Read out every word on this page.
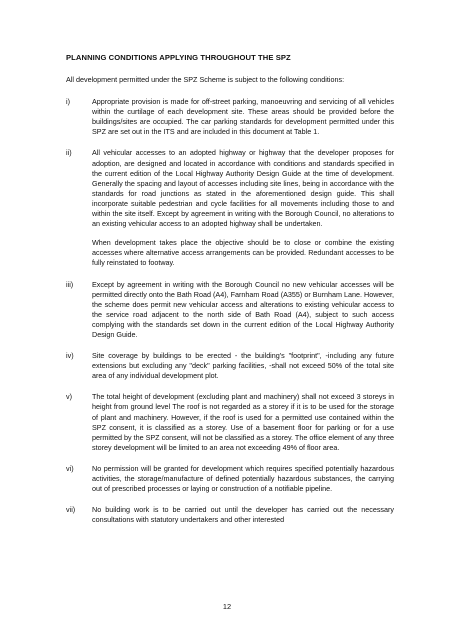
PLANNING CONDITIONS APPLYING THROUGHOUT THE SPZ

All development permitted under the SPZ Scheme is subject to the following conditions:

i)	Appropriate provision is made for off-street parking, manoeuvring and servicing of all vehicles within the curtilage of each development site. These areas should be provided before the buildings/sites are occupied. The car parking standards for development permitted under this SPZ are set out in the ITS and are included in this document at Table 1.

ii)	All vehicular accesses to an adopted highway or highway that the developer proposes for adoption, are designed and located in accordance with conditions and standards specified in the current edition of the Local Highway Authority Design Guide at the time of development. Generally the spacing and layout of accesses including site lines, being in accordance with the standards for road junctions as stated in the aforementioned design guide. This shall incorporate suitable pedestrian and cycle facilities for all movements including those to and within the site itself. Except by agreement in writing with the Borough Council, no alterations to an existing vehicular access to an adopted highway shall be undertaken.

When development takes place the objective should be to close or combine the existing accesses where alternative access arrangements can be provided. Redundant accesses to be fully reinstated to footway.

iii)	Except by agreement in writing with the Borough Council no new vehicular accesses will be permitted directly onto the Bath Road (A4), Farnham Road (A355) or Burnham Lane. However, the scheme does permit new vehicular access and alterations to existing vehicular access to the service road adjacent to the north side of Bath Road (A4), subject to such access complying with the standards set down in the current edition of the Local Highway Authority Design Guide.

iv)	Site coverage by buildings to be erected - the building's "footprint", -including any future extensions but excluding any "deck" parking facilities, -shall not exceed 50% of the total site area of any individual development plot.

v)	The total height of development (excluding plant and machinery) shall not exceed 3 storeys in height from ground level The roof is not regarded as a storey if it is to be used for the storage of plant and machinery. However, if the roof is used for a permitted use contained within the SPZ consent, it is classified as a storey. Use of a basement floor for parking or for a use permitted by the SPZ consent, will not be classified as a storey. The office element of any three storey development will be limited to an area not exceeding 49% of floor area.

vi)	No permission will be granted for development which requires specified potentially hazardous activities, the storage/manufacture of defined potentially hazardous substances, the carrying out of prescribed processes or laying or construction of a notifiable pipeline.

vii)	No building work is to be carried out until the developer has carried out the necessary consultations with statutory undertakers and other interested

12
